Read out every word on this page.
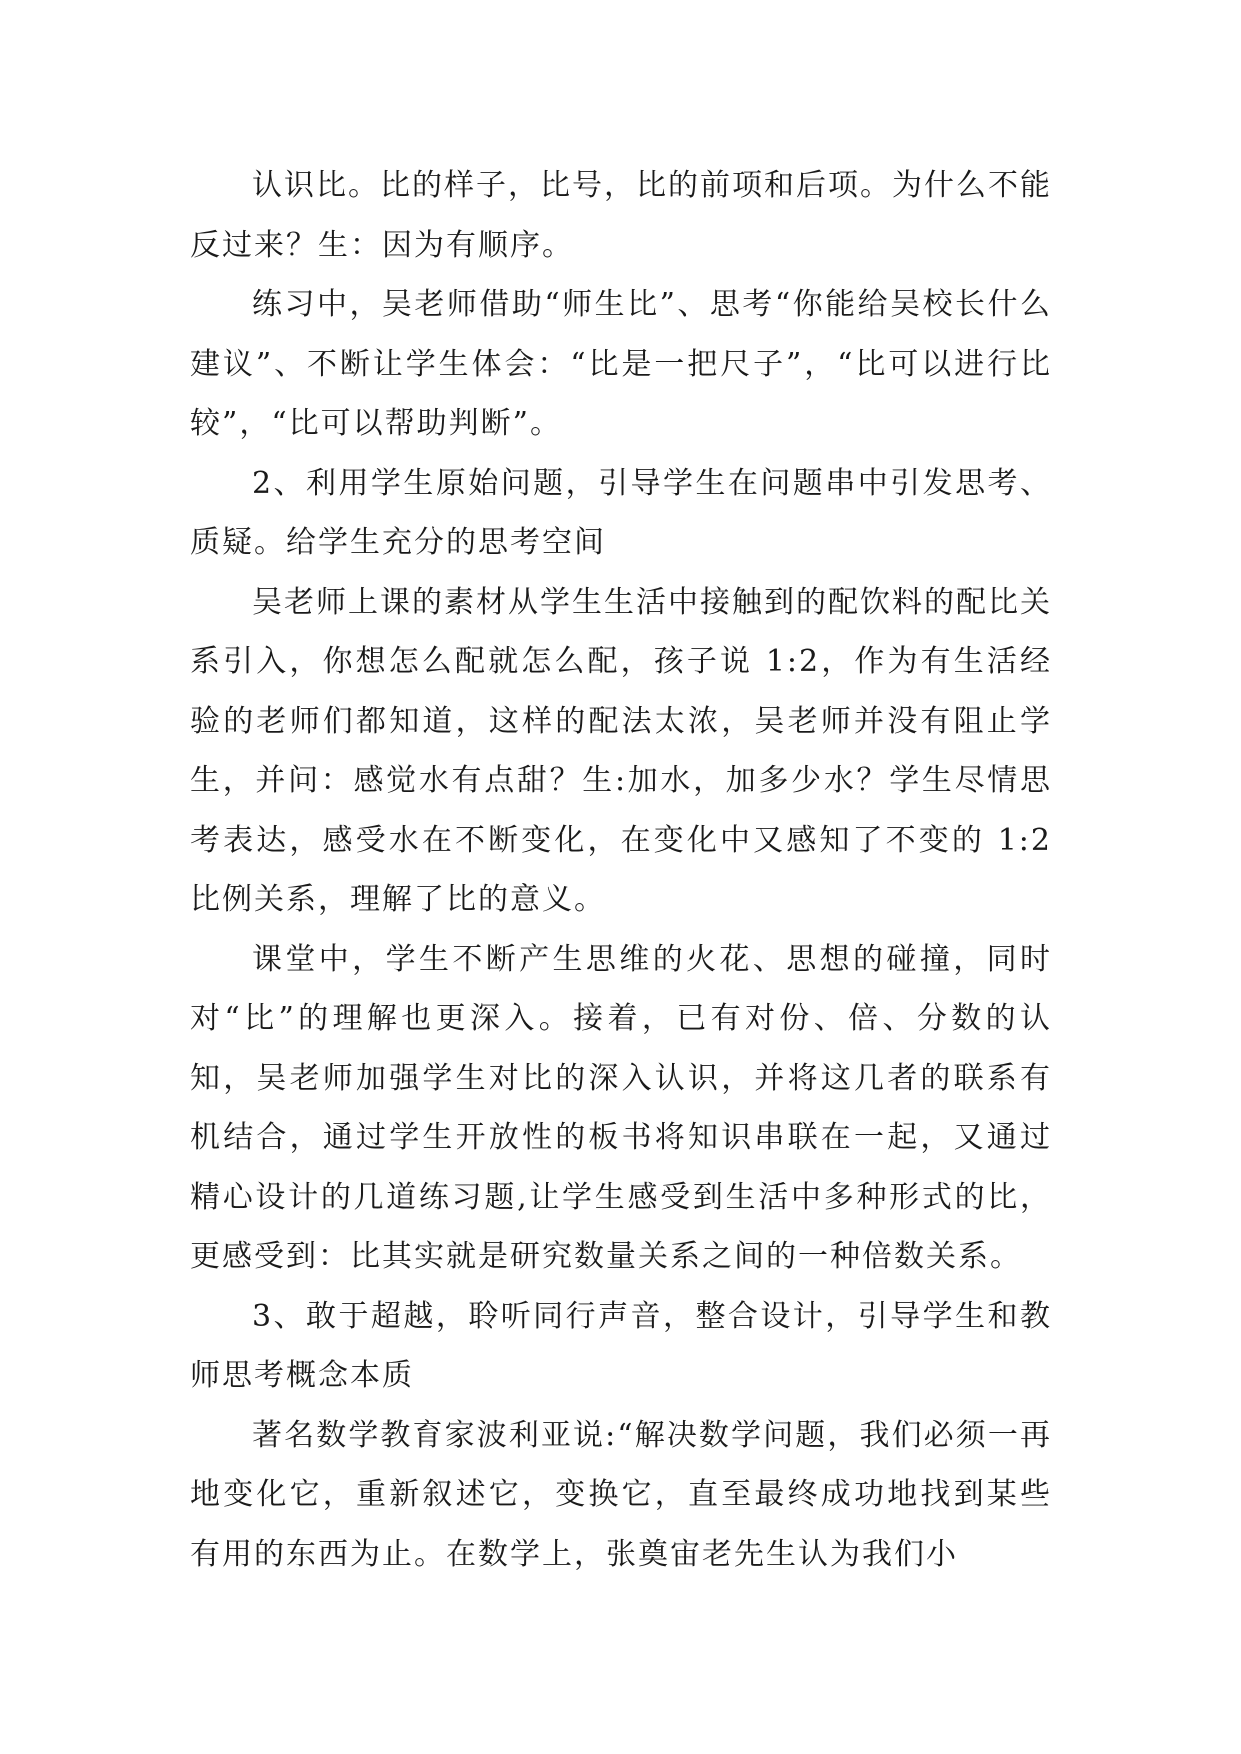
认识比。比的样子，比号，比的前项和后项。为什么不能反过来？生：因为有顺序。

练习中，吴老师借助“师生比”、思考“你能给吴校长什么建议”、不断让学生体会：“比是一把尺子”，“比可以进行比较”，“比可以帮助判断”。

2、利用学生原始问题，引导学生在问题串中引发思考、质疑。给学生充分的思考空间

吴老师上课的素材从学生生活中接触到的配饮料的配比关系引入，你想怎么配就怎么配，孩子说 1:2，作为有生活经验的老师们都知道，这样的配法太浓，吴老师并没有阻止学生，并问：感觉水有点甜？生:加水，加多少水？学生尽情思考表达，感受水在不断变化，在变化中又感知了不变的 1:2 比例关系，理解了比的意义。

课堂中，学生不断产生思维的火花、思想的碰撞，同时对“比”的理解也更深入。接着，已有对份、倍、分数的认知，吴老师加强学生对比的深入认识，并将这几者的联系有机结合，通过学生开放性的板书将知识串联在一起，又通过精心设计的几道练习题,让学生感受到生活中多种形式的比，更感受到：比其实就是研究数量关系之间的一种倍数关系。

3、敢于超越，聆听同行声音，整合设计，引导学生和教师思考概念本质

著名数学教育家波利亚说:“解决数学问题，我们必须一再地变化它，重新叙述它，变换它，直至最终成功地找到某些有用的东西为止。在数学上，张奠宙老先生认为我们小
